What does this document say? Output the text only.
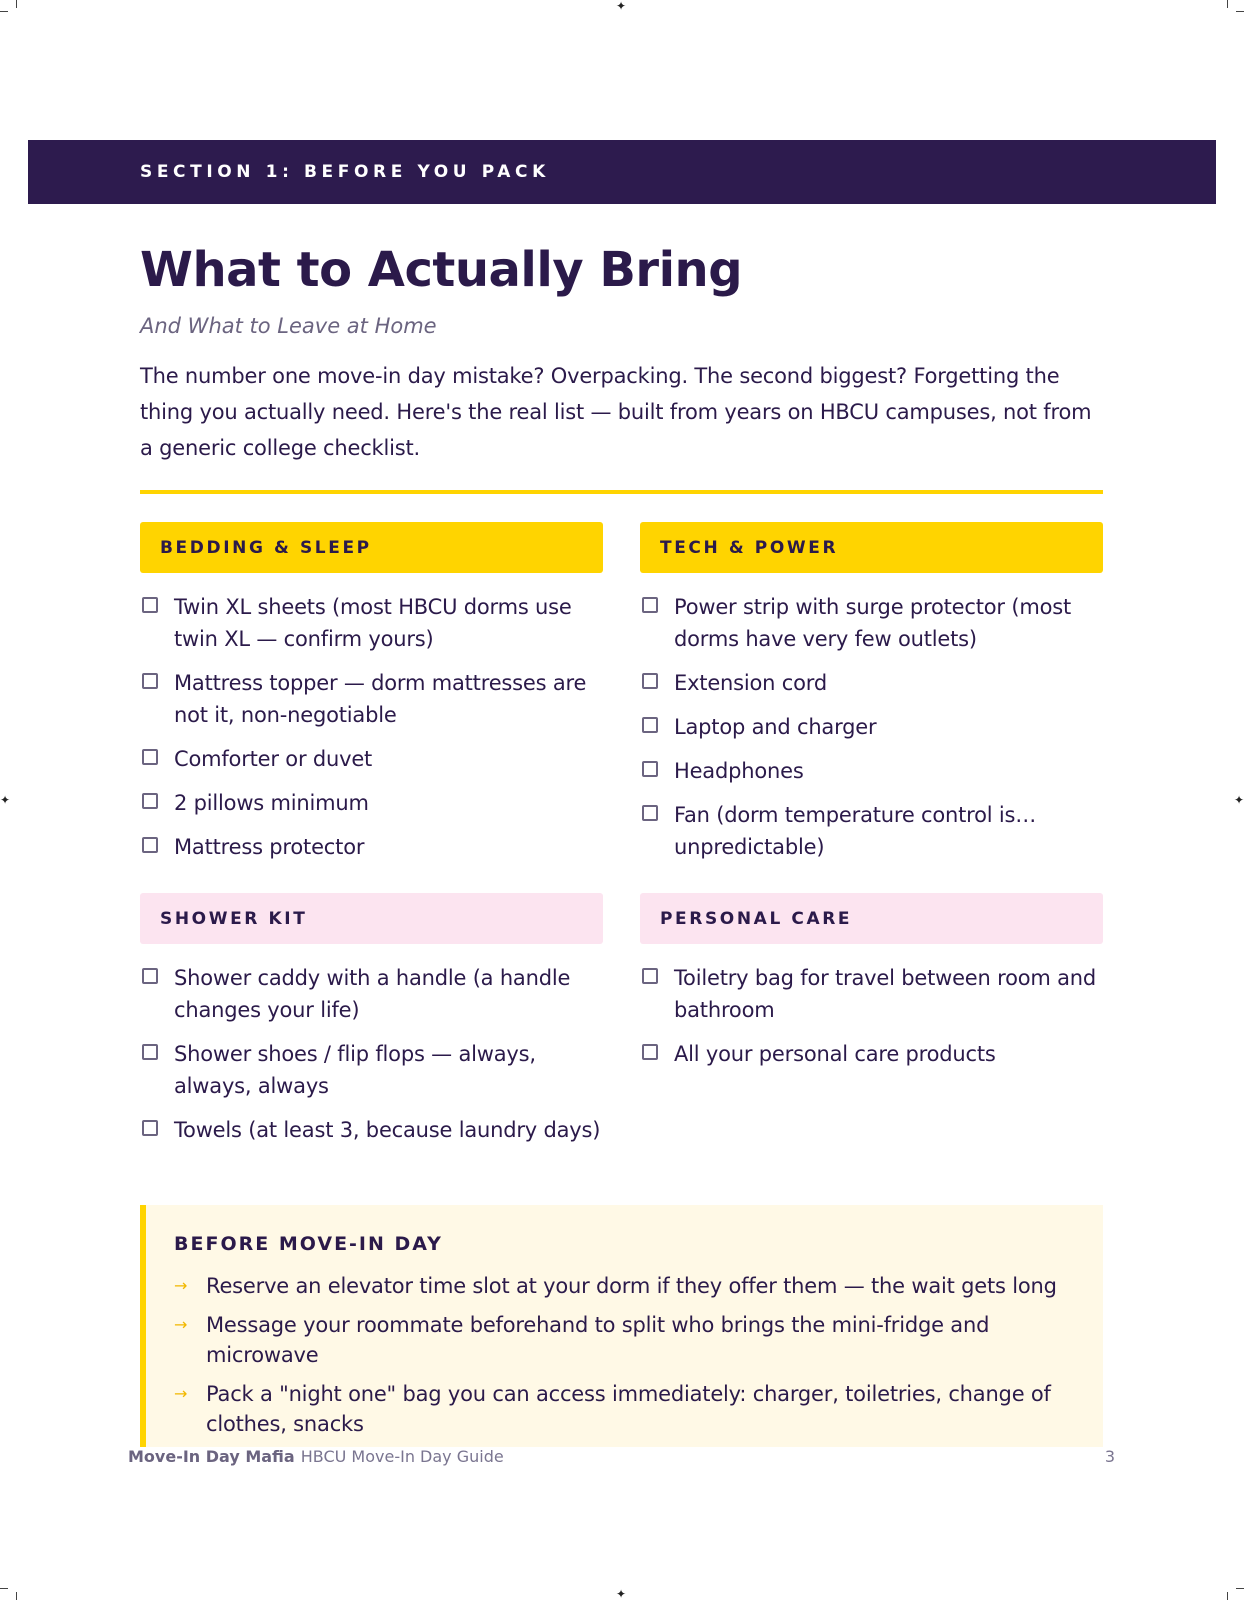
✦
✦
✦	✦
SECTION 1: BEFORE YOU PACK
What to Actually Bring
And What to Leave at Home

The number one move-in day mistake? Overpacking. The second biggest? Forgetting the thing you actually need. Here's the real list — built from years on HBCU campuses, not from a generic college checklist.

BEDDING & SLEEP
Twin XL sheets (most HBCU dorms use twin XL — confirm yours)
Mattress topper — dorm mattresses are not it, non-negotiable
Comforter or duvet
2 pillows minimum
Mattress protector
TECH & POWER
Power strip with surge protector (most dorms have very few outlets)
Extension cord
Laptop and charger
Headphones
Fan (dorm temperature control is… unpredictable)
SHOWER KIT
Shower caddy with a handle (a handle changes your life)
Shower shoes / flip flops — always, always, always
Towels (at least 3, because laundry days)
PERSONAL CARE
Toiletry bag for travel between room and bathroom
All your personal care products
BEFORE MOVE-IN DAY
→ Reserve an elevator time slot at your dorm if they offer them — the wait gets long
→ Message your roommate beforehand to split who brings the mini-fridge and microwave
→ Pack a "night one" bag you can access immediately: charger, toiletries, change of clothes, snacks
Move-In Day Mafia HBCU Move-In Day Guide	3
